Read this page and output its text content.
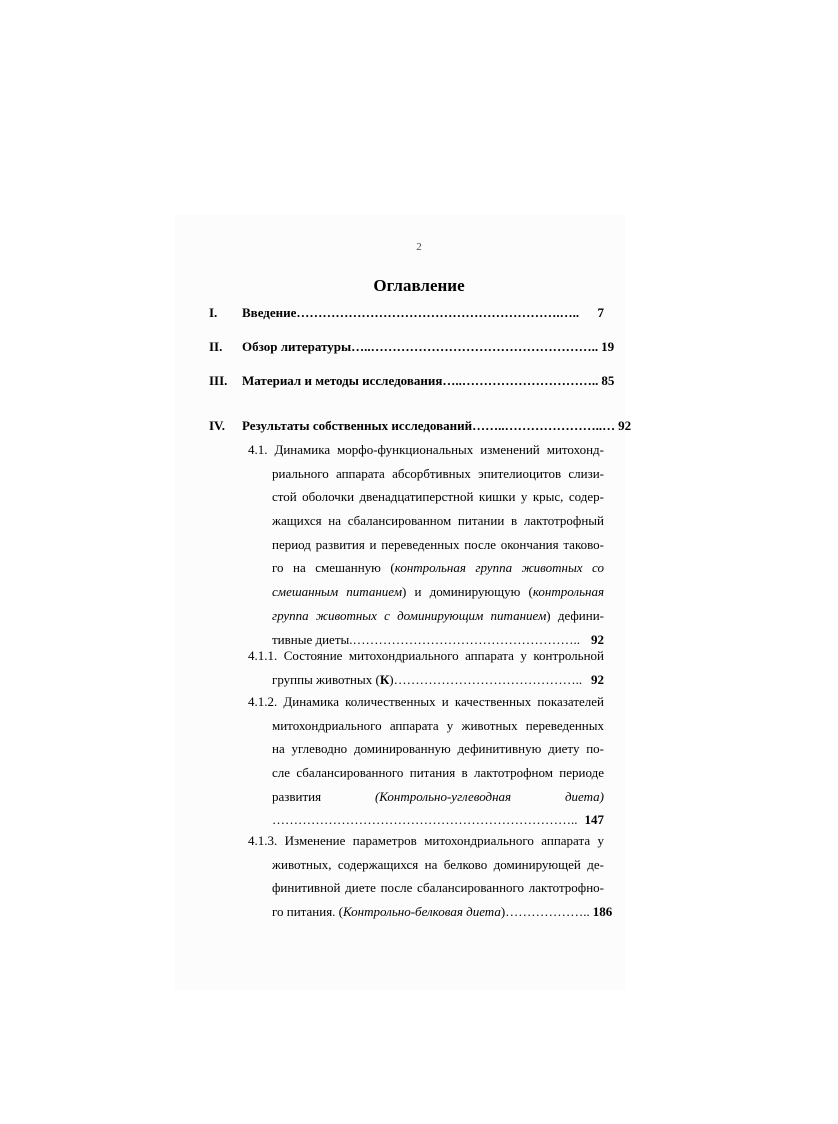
2
Оглавление
I.	Введение …………………………………………………….…..	7
II.	Обзор литературы …..…………………………………………….. 19
III.	Материал и методы исследования …..………………………….. 85
IV.	Результаты собственных исследований ……..…………………..… 92
4.1. Динамика морфо-функциональных изменений митохонд-
риального аппарата абсорбтивных эпителиоцитов слизи-
стой оболочки двенадцатиперстной кишки у крыс, содер-
жащихся на сбалансированном питании в лактотрофный
период развития и переведенных после окончания таково-
го на смешанную (контрольная группа животных со
смешанным питанием) и доминирующую (контрольная
группа животных с доминирующим питанием) дефини-
тивные диеты. …………………………………………….. 92
4.1.1. Состояние митохондриального аппарата у контрольной
группы животных (К) …………………………………….. 92
4.1.2. Динамика количественных и качественных показателей
митохондриального аппарата у животных переведенных
на углеводно доминированную дефинитивную диету по-
сле сбалансированного питания в лактотрофном периоде
развития	(Контрольно-углеводная	диета)
…………………………………………………………….. 147
4.1.3. Изменение параметров митохондриального аппарата у
животных, содержащихся на белково доминирующей де-
финитивной диете после сбалансированного лактотрофно-
го питания. (Контрольно-белковая диета) ……………….. 186
